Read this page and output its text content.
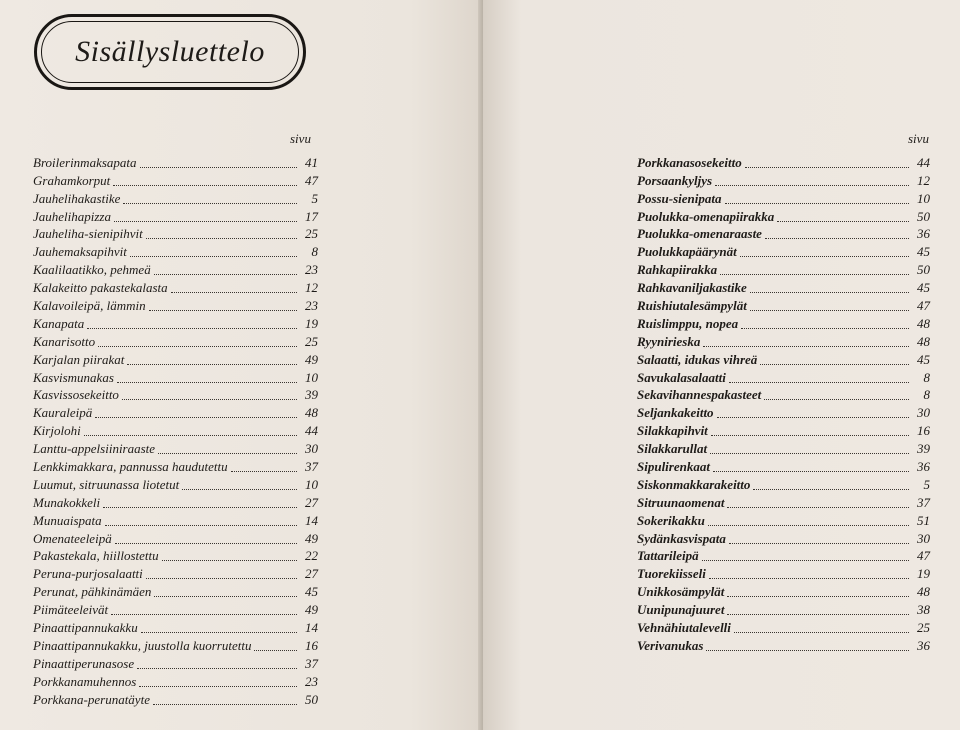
Sisällysluettelo
sivu
Broilerinmaksapata	41
Grahamkorput	47
Jauhelihakastike	5
Jauhelihapizza	17
Jauheliha-sienipihvit	25
Jauhemaksapihvit	8
Kaalilaatikko, pehmeä	23
Kalakeitto pakastekalasta	12
Kalavoileipä, lämmin	23
Kanapata	19
Kanarisotto	25
Karjalan piirakat	49
Kasvismunakas	10
Kasvissosekeitto	39
Kauraleipä	48
Kirjolohi	44
Lanttu-appelsiiniraaste	30
Lenkkimakkara, pannussa haudutettu	37
Luumut, sitruunassa liotetut	10
Munakokkeli	27
Munuaispata	14
Omenateeleipä	49
Pakastekala, hiillostettu	22
Peruna-purjosalaatti	27
Perunat, pähkinämäen	45
Piimäteeleivät	49
Pinaattipannukakku	14
Pinaattipannukakku, juustolla kuorrutettu	16
Pinaattiperunasose	37
Porkkanamuhennos	23
Porkkana-perunatäyte	50
sivu
Porkkanasosekeitto	44
Porsaankyljys	12
Possu-sienipata	10
Puolukka-omenapiirakka	50
Puolukka-omenaraaste	36
Puolukkapäärynät	45
Rahkapiirakka	50
Rahkavaniljakastike	45
Ruishiutalesämpylät	47
Ruislimppu, nopea	48
Ryynirieska	48
Salaatti, idukas vihreä	45
Savukalasalaatti	8
Sekavihannespakasteet	8
Seljankakeitto	30
Silakkapihvit	16
Silakkarullat	39
Sipulirenkaat	36
Siskonmakkarakeitto	5
Sitruunaomenat	37
Sokerikakku	51
Sydänkasvispata	30
Tattarileipä	47
Tuorekiisseli	19
Unikkosämpylät	48
Uunipunajuuret	38
Vehnähiutalevelli	25
Verivanukas	36
